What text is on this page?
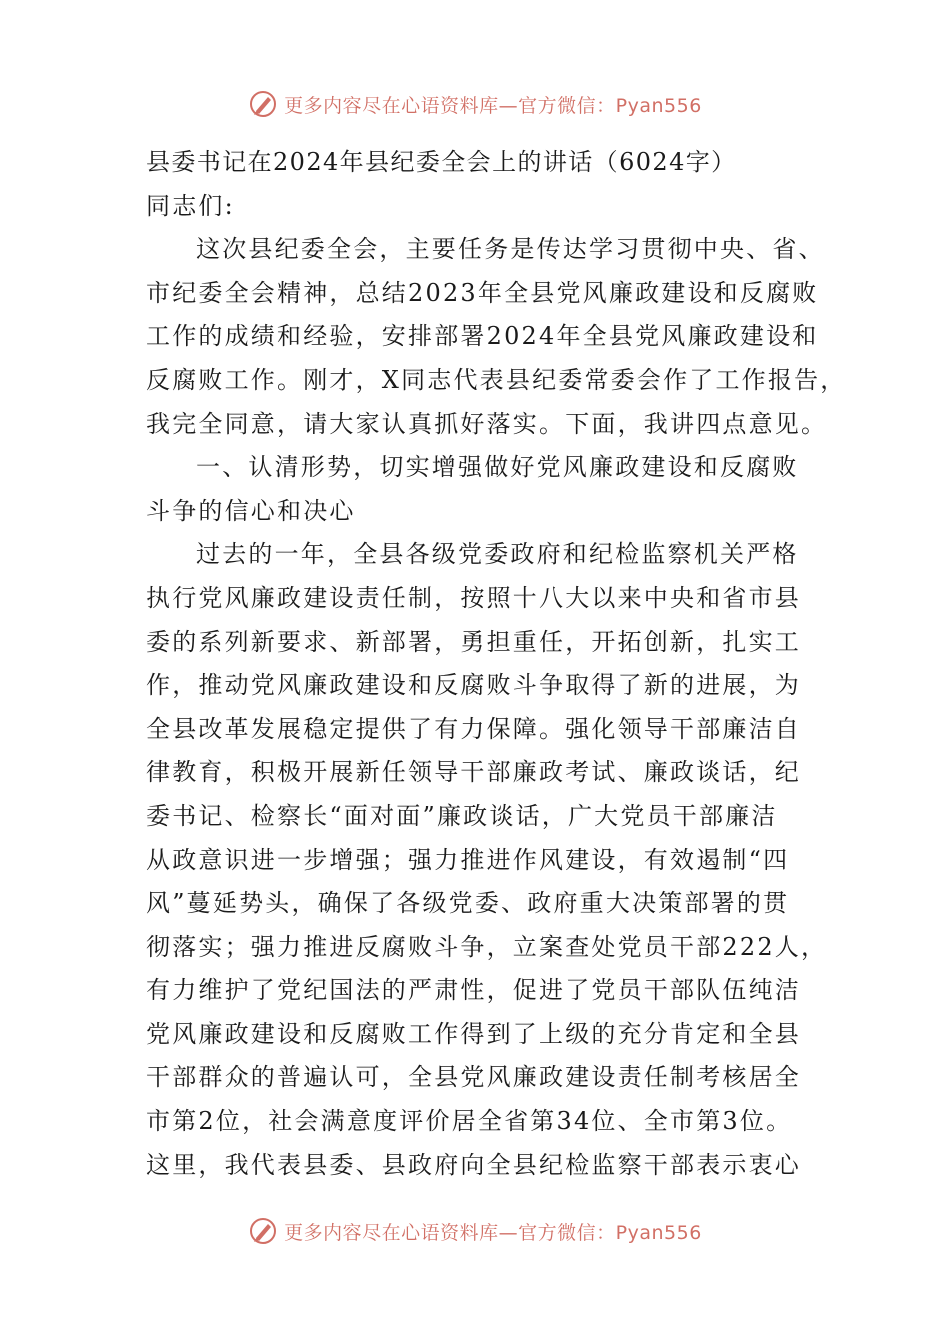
更多内容尽在心语资料库—官方微信：Pyan556
县委书记在2024年县纪委全会上的讲话（6024字）
同志们:
这次县纪委全会，主要任务是传达学习贯彻中央、省、
市纪委全会精神，总结2023年全县党风廉政建设和反腐败
工作的成绩和经验，安排部署2024年全县党风廉政建设和
反腐败工作。刚才，X同志代表县纪委常委会作了工作报告，
我完全同意，请大家认真抓好落实。下面，我讲四点意见。
一、认清形势，切实增强做好党风廉政建设和反腐败
斗争的信心和决心
过去的一年，全县各级党委政府和纪检监察机关严格
执行党风廉政建设责任制，按照十八大以来中央和省市县
委的系列新要求、新部署，勇担重任，开拓创新，扎实工
作，推动党风廉政建设和反腐败斗争取得了新的进展，为
全县改革发展稳定提供了有力保障。强化领导干部廉洁自
律教育，积极开展新任领导干部廉政考试、廉政谈话，纪
委书记、检察长“面对面”廉政谈话，广大党员干部廉洁
从政意识进一步增强；强力推进作风建设，有效遏制“四
风”蔓延势头，确保了各级党委、政府重大决策部署的贯
彻落实；强力推进反腐败斗争，立案查处党员干部222人，
有力维护了党纪国法的严肃性，促进了党员干部队伍纯洁
党风廉政建设和反腐败工作得到了上级的充分肯定和全县
干部群众的普遍认可，全县党风廉政建设责任制考核居全
市第2位，社会满意度评价居全省第34位、全市第3位。
这里，我代表县委、县政府向全县纪检监察干部表示衷心
更多内容尽在心语资料库—官方微信：Pyan556
